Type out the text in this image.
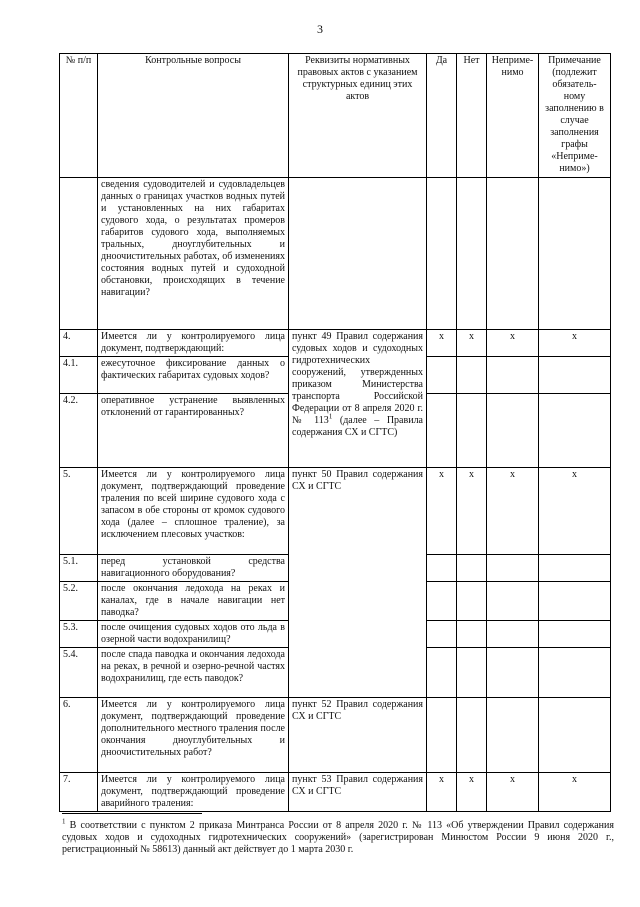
3
№ п/п	Контрольные вопросы	Реквизиты нормативных правовых актов с указанием структурных единиц этих актов	Да	Нет	Неприме-нимо	Примечание (подлежит обязатель-ному заполнению в случае заполнения графы «Неприме-нимо»)
	сведения судоводителей и судовладельцев данных о границах участков водных путей и установленных на них габаритах судового хода, о результатах промеров габаритов судового хода, выполняемых тральных, дноуглубительных и дноочистительных работах, об изменениях состояния водных путей и судоходной обстановки, происходящих в течение навигации?					
4.	Имеется ли у контролируемого лица документ, подтверждающий:	пункт 49 Правил содержания судовых ходов и судоходных гидротехнических сооружений, утвержденных приказом Министерства транспорта Российской Федерации от 8 апреля 2020 г. № $113^1$ (далее – Правила содержания СХ и СГТС)	x	x	x	x
4.1.	ежесуточное фиксирование данных о фактических габаритах судовых ходов?					
4.2.	оперативное устранение выявленных отклонений от гарантированных?					
5.	Имеется ли у контролируемого лица документ, подтверждающий проведение траления по всей ширине судового хода с запасом в обе стороны от кромок судового хода (далее – сплошное траление), за исключением плесовых участков:	пункт 50 Правил содержания СХ и СГТС	x	x	x	x
5.1.	перед установкой средства навигационного оборудования?					
5.2.	после окончания ледохода на реках и каналах, где в начале навигации нет паводка?					
5.3.	после очищения судовых ходов ото льда в озерной части водохранилищ?					
5.4.	после спада паводка и окончания ледохода на реках, в речной и озерно-речной частях водохранилищ, где есть паводок?					
6.	Имеется ли у контролируемого лица документ, подтверждающий проведение дополнительного местного траления после окончания дноуглубительных и дноочистительных работ?	пункт 52 Правил содержания СХ и СГТС				
7.	Имеется ли у контролируемого лица документ, подтверждающий проведение аварийного траления:	пункт 53 Правил содержания СХ и СГТС	x	x	x	x
$^1$ В соответствии с пунктом 2 приказа Минтранса России от 8 апреля 2020 г. № 113 «Об утверждении Правил содержания судовых ходов и судоходных гидротехнических сооружений» (зарегистрирован Минюстом России 9 июня 2020 г., регистрационный № 58613) данный акт действует до 1 марта 2030 г.
